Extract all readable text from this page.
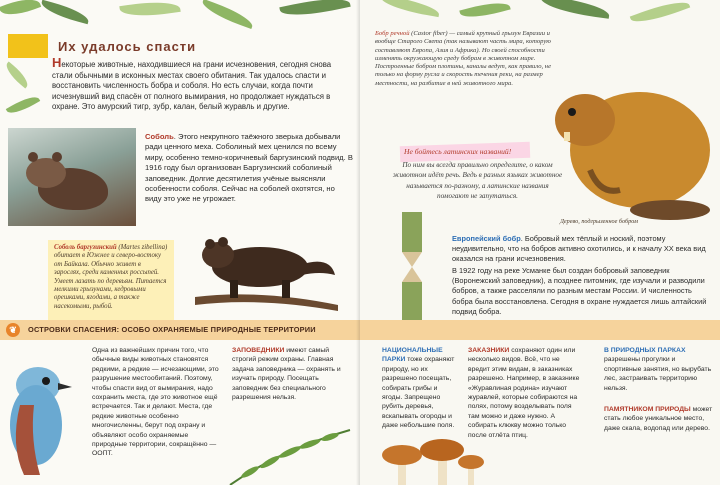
Их удалось спасти
Некоторые животные, находившиеся на грани исчезновения, сегодня снова стали обычными в исконных местах своего обитания. Так удалось спасти и восстановить численность бобра и соболя. Но есть случаи, когда почти исчезнувший вид спасён от полного вымирания, но продолжает нуждаться в охране. Это амурский тигр, зубр, калан, белый журавль и другие.
Соболь. Этого некрупного таёжного зверька добывали ради ценного меха. Соболиный мех ценился по всему миру, особенно темно-коричневый баргузинский подвид. В 1916 году был организован Баргузинский соболиный заповедник. Долгие десятилетия учёные выясняли особенности соболя. Сейчас на соболей охотятся, но виду это уже не угрожает.
Соболь баргузинский (Martes zibellina) обитает в Южнее и северо-востоку от Байкала. Обычно живет в зарослях, среди каменных россыпей. Умеет лазать по деревьям. Питается мелкими грызунами, кедровыми орешками, ягодами, а также насекомыми, рыбой.
❦	ОСТРОВКИ СПАСЕНИЯ: ОСОБО ОХРАНЯЕМЫЕ ПРИРОДНЫЕ ТЕРРИТОРИИ
Одна из важнейших причин того, что обычные виды животных становятся редкими, а редкие — исчезающими, это разрушение местообитаний. Поэтому, чтобы спасти вид от вымирания, надо сохранить места, где это животное ещё встречается. Так и делают. Места, где редкие животные особенно многочисленны, берут под охрану и объявляют особо охраняемые природные территории, сокращённо — ООПТ.
ЗАПОВЕДНИКИ имеют самый строгий режим охраны. Главная задача заповедника — охранять и изучать природу. Посещать заповедник без специального разрешения нельзя.
Бобр речной (Castor fiber) — самый крупный грызун Евразии и вообще Старого Света (так называют часть мира, которую составляют Европа, Азия и Африка). Но своей способности изменять окружающую среду бобрам в животном мире. Построенные бобром плотины, каналы ведут, как правило, не только на форму русла и скорость течения реки, на размер местности, на разбитие в ней животного мира.
Не бойтесь латинских названий!
По ним вы всегда правильно определите, о каком животном идёт речь. Ведь в разных языках животное называется по-разному, а латинские названия помогают не запутаться.
Дерево, подгрызенное бобром
Европейский бобр. Бобровый мех тёплый и ноский, поэтому неудивительно, что на бобров активно охотились, и к началу XX века вид оказался на грани исчезновения.
В 1922 году на реке Усманке был создан бобровый заповедник (Воронежский заповедник), а позднее питомник, где изучали и разводили бобров, а также расселяли по разным местам России. И численность бобра была восстановлена. Сегодня в охране нуждается лишь алтайский подвид бобра.
НАЦИОНАЛЬНЫЕ ПАРКИ тоже охраняют природу, но их разрешено посещать, собирать грибы и ягоды. Запрещено рубить деревья, вскапывать огороды и даже небольшие поля.
ЗАКАЗНИКИ сохраняют один или несколько видов. Всё, что не вредит этим видам, в заказниках разрешено. Например, в заказнике «Журавлиная родина» изучают журавлей, которые собираются на полях, потому возделывать поля там можно и даже нужно. А собирать клюкву можно только после отлёта птиц.
В ПРИРОДНЫХ ПАРКАХ разрешены прогулки и спортивные занятия, но вырубать лес, застраивать территорию нельзя.
ПАМЯТНИКОМ ПРИРОДЫ может стать любое уникальное место, даже скала, водопад или дерево.
